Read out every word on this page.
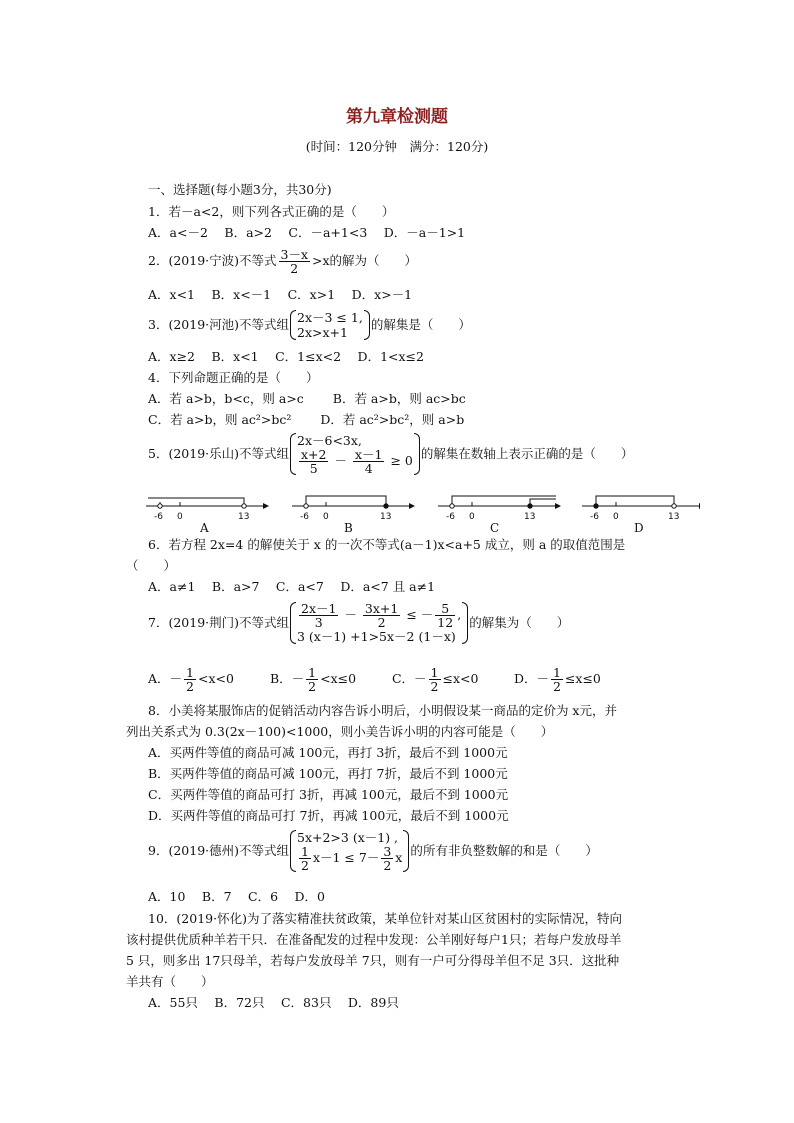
第九章检测题
(时间：120分钟　满分：120分)
一、选择题(每小题3分，共30分)
1．若－a<2，则下列各式正确的是（　　）
A．a<－2　 B．a>2　 C．－a+1<3　 D．－a－1>1
2．(2019·宁波)不等式 $\frac{3-x}{2} >x$的解为（　　）
A．x<1　 B．x<－1　 C．x>1　 D．x>－1
3．(2019·河池)不等式组 2x－3 ≤ 1,
2x>x+1
的解集是（　　）
A．x≥2　 B．x<1　 C．1≤x<2　 D．1<x≤2
4．下列命题正确的是（　　）
A．若 a>b，b<c，则 a>c　　 B．若 a>b，则 ac>bc
C．若 a>b，则 ac²>bc²　　 D．若 ac²>bc²，则 a>b
5．(2019·乐山)不等式组
2x－6<3x,
$\frac{x+2}{5} - \frac{x-1}{4} \ge 0$ 的解集在数轴上表示正确的是（　　）
-6 0	13
A
-6 0	13
B
-6 0	13
C
-6 0	13
D
6．若方程 2x=4 的解使关于 x 的一次不等式(a－1)x<a+5 成立，则 a 的取值范围是
（　　）
A．a≠1　 B．a>7　 C．a<7　 D．a<7 且 a≠1
7．(2019·荆门)不等式组 $\frac{2x-1}{3} - \frac{3x+1}{2}$ ≤ － $\frac{5}{12}$ ,
3 (x－1) +1>5x－2 (1－x)
的解集为（　　）
A．－ $\frac{1}{2} <x<0$	B．－ $\frac{1}{2} <x\le 0$	C．－ $\frac{1}{2} \le x<0$	D．－ $\frac{1}{2} \le x\le 0$
8．小美将某服饰店的促销活动内容告诉小明后，小明假设某一商品的定价为 x元，并
列出关系式为 0.3(2x－100)<1000，则小美告诉小明的内容可能是（　　）
A．买两件等值的商品可减 100元，再打 3折，最后不到 1000元
B．买两件等值的商品可减 100元，再打 7折，最后不到 1000元
C．买两件等值的商品可打 3折，再减 100元，最后不到 1000元
D．买两件等值的商品可打 7折，再减 100元，最后不到 1000元
9．(2019·德州)不等式组
5x+2>3 (x－1) ,
$\frac{1}{2} x-1 \le 7- \frac{3}{2}$ x 的所有非负整数解的和是（　　）
A．10　 B．7　 C．6　 D．0
10．(2019·怀化)为了落实精准扶贫政策，某单位针对某山区贫困村的实际情况，特向
该村提供优质种羊若干只．在准备配发的过程中发现：公羊刚好每户1只；若每户发放母羊
5 只，则多出 17只母羊，若每户发放母羊 7只，则有一户可分得母羊但不足 3只．这批种
羊共有（　　）
A．55只　 B．72只　 C．83只　 D．89只
